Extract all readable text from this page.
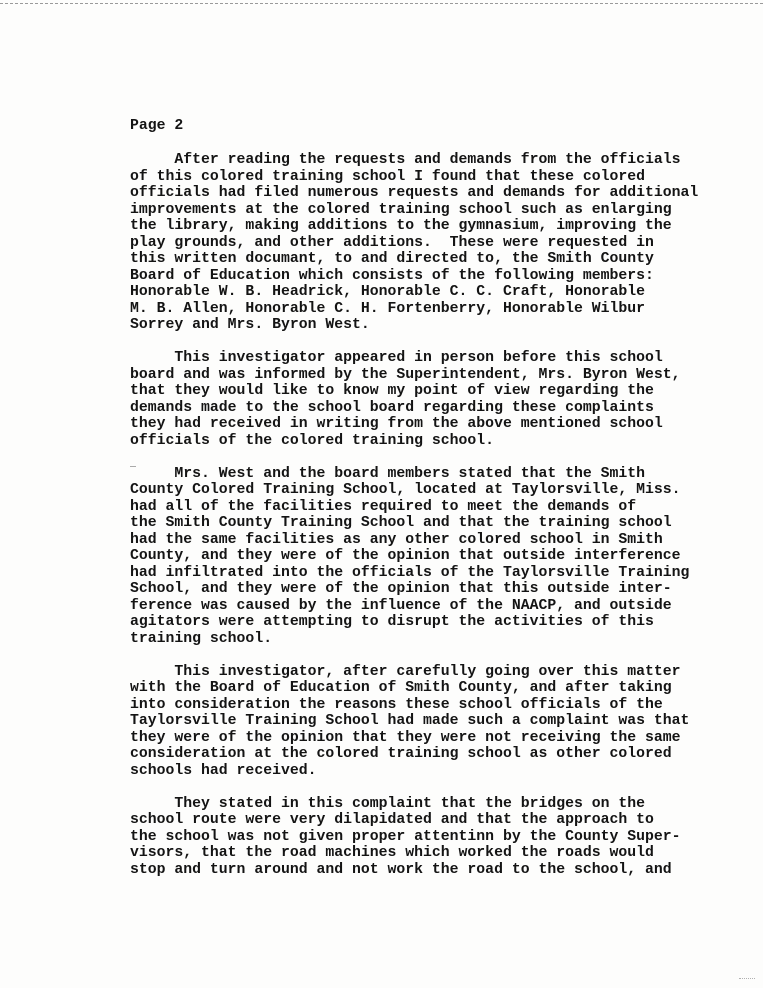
Page 2
After reading the requests and demands from the officials
of this colored training school I found that these colored
officials had filed numerous requests and demands for additional
improvements at the colored training school such as enlarging
the library, making additions to the gymnasium, improving the
play grounds, and other additions.  These were requested in
this written documant, to and directed to, the Smith County
Board of Education which consists of the following members:
Honorable W. B. Headrick, Honorable C. C. Craft, Honorable
M. B. Allen, Honorable C. H. Fortenberry, Honorable Wilbur
Sorrey and Mrs. Byron West.
This investigator appeared in person before this school
board and was informed by the Superintendent, Mrs. Byron West,
that they would like to know my point of view regarding the
demands made to the school board regarding these complaints
they had received in writing from the above mentioned school
officials of the colored training school.
Mrs. West and the board members stated that the Smith
County Colored Training School, located at Taylorsville, Miss.
had all of the facilities required to meet the demands of
the Smith County Training School and that the training school
had the same facilities as any other colored school in Smith
County, and they were of the opinion that outside interference
had infiltrated into the officials of the Taylorsville Training
School, and they were of the opinion that this outside inter-
ference was caused by the influence of the NAACP, and outside
agitators were attempting to disrupt the activities of this
training school.
This investigator, after carefully going over this matter
with the Board of Education of Smith County, and after taking
into consideration the reasons these school officials of the
Taylorsville Training School had made such a complaint was that
they were of the opinion that they were not receiving the same
consideration at the colored training school as other colored
schools had received.
They stated in this complaint that the bridges on the
school route were very dilapidated and that the approach to
the school was not given proper attentinn by the County Super-
visors, that the road machines which worked the roads would
stop and turn around and not work the road to the school, and
